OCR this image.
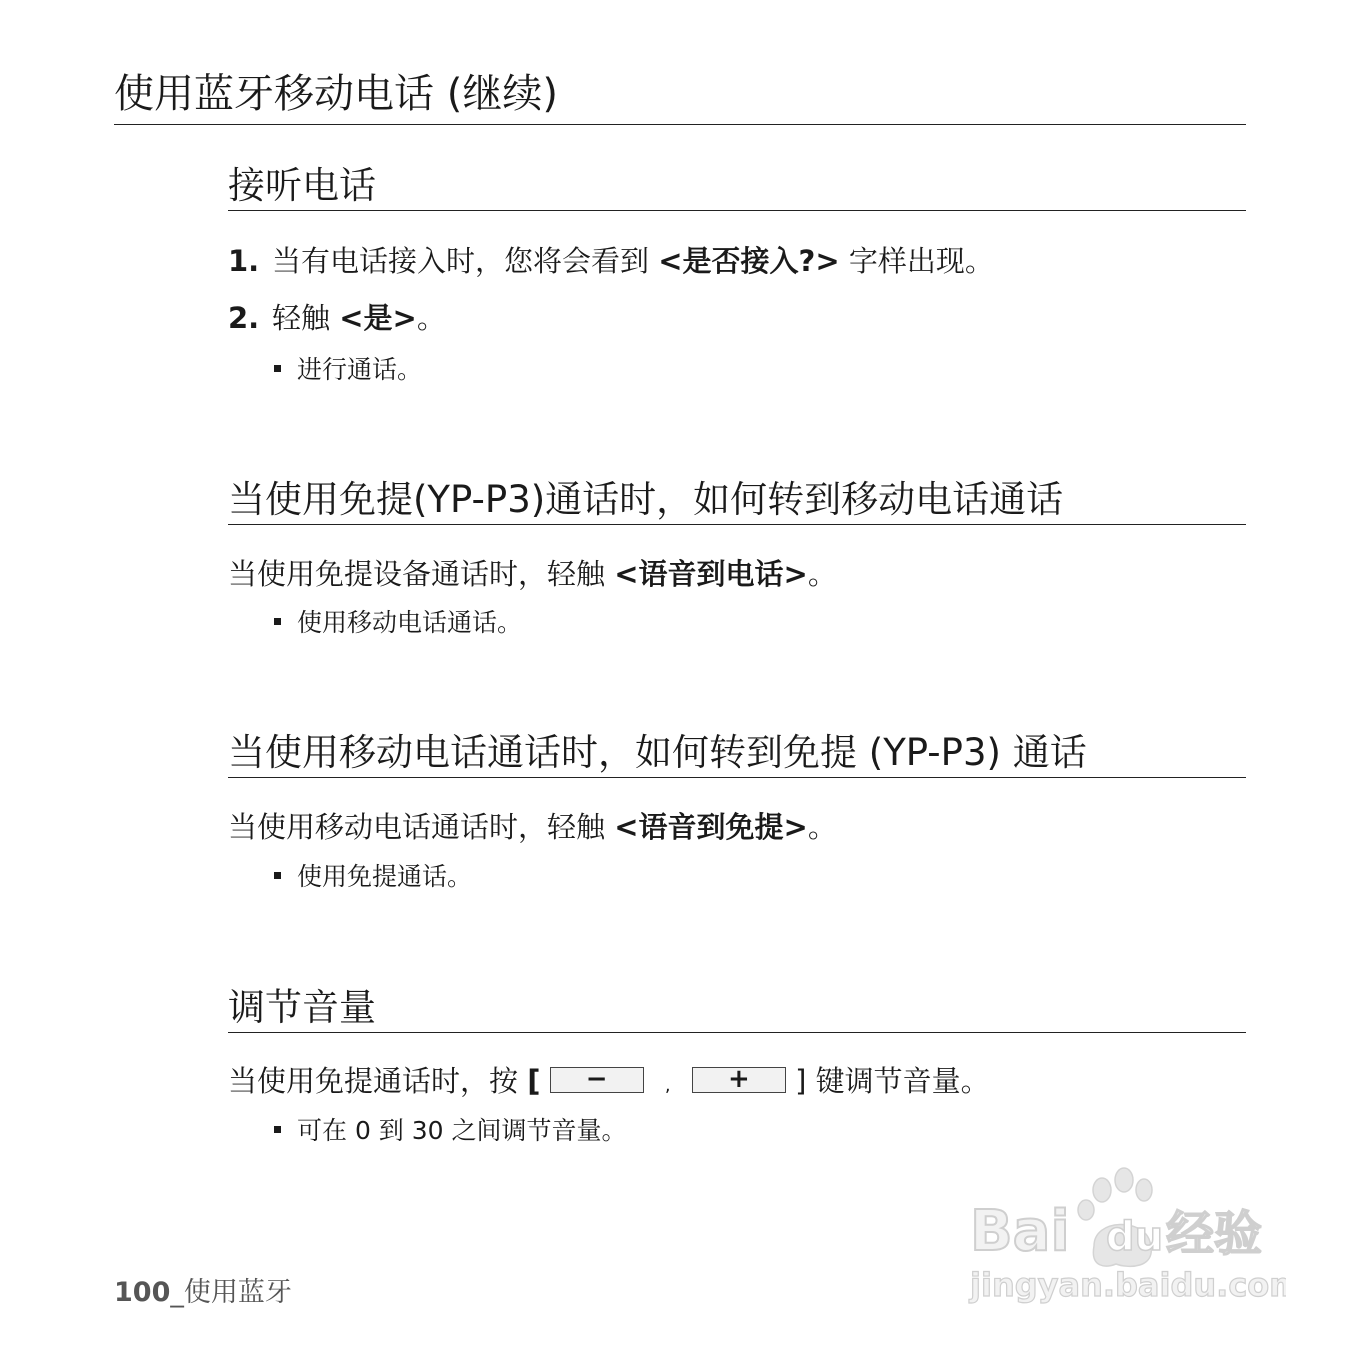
使用蓝牙移动电话 (继续)
接听电话
1. 当有电话接入时，您将会看到 <是否接入?> 字样出现。
2. 轻触 <是>。
进行通话。
当使用免提(YP-P3)通话时，如何转到移动电话通话
当使用免提设备通话时，轻触 <语音到电话>。
使用移动电话通话。
当使用移动电话通话时，如何转到免提 (YP-P3) 通话
当使用移动电话通话时，轻触 <语音到免提>。
使用免提通话。
调节音量
当使用免提通话时，按 [ −	, + ] 键调节音量。
可在 0 到 30 之间调节音量。
100_使用蓝牙
Bai du 经验
jingyan.baidu.com
